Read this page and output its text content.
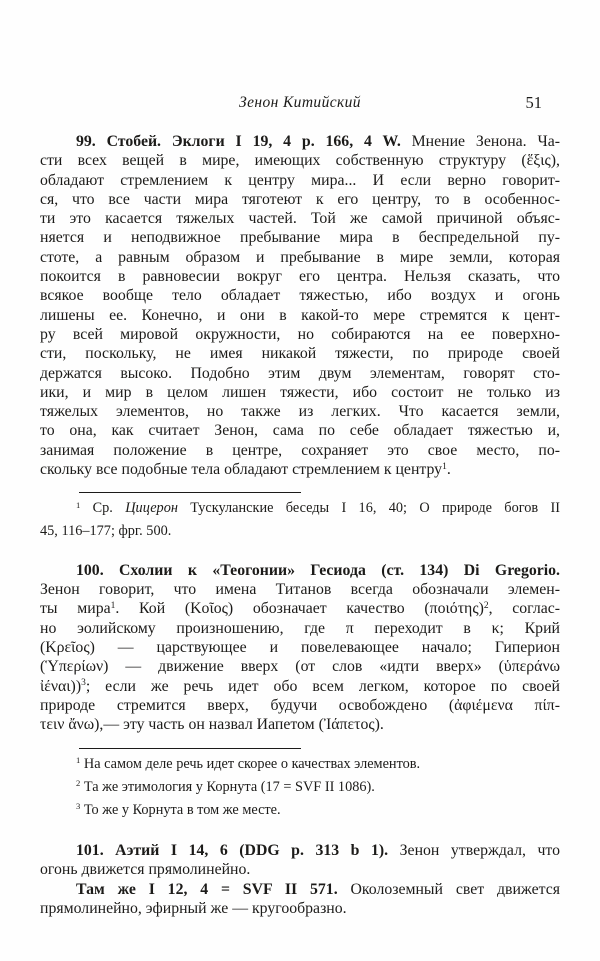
Зенон Китийский	51
99. Стобей. Эклоги I 19, 4 p. 166, 4 W. Мнение Зенона. Ча-
сти всех вещей в мире, имеющих собственную структуру (ἕξις),
обладают стремлением к центру мира... И если верно говорит-
ся, что все части мира тяготеют к его центру, то в особеннос-
ти это касается тяжелых частей. Той же самой причиной объяс-
няется и неподвижное пребывание мира в беспредельной пу-
стоте, а равным образом и пребывание в мире земли, которая
покоится в равновесии вокруг его центра. Нельзя сказать, что
всякое вообще тело обладает тяжестью, ибо воздух и огонь
лишены ее. Конечно, и они в какой-то мере стремятся к цент-
ру всей мировой окружности, но собираются на ее поверхно-
сти, поскольку, не имея никакой тяжести, по природе своей
держатся высоко. Подобно этим двум элементам, говорят сто-
ики, и мир в целом лишен тяжести, ибо состоит не только из
тяжелых элементов, но также из легких. Что касается земли,
то она, как считает Зенон, сама по себе обладает тяжестью и,
занимая положение в центре, сохраняет это свое место, по-
скольку все подобные тела обладают стремлением к центру$^1$.
$^1$ Ср. Цицерон Тускуланские беседы I 16, 40; О природе богов II
45, 116–177; фрг. 500.
100. Схолии к «Теогонии» Гесиода (ст. 134) Di Gregorio.
Зенон говорит, что имена Титанов всегда обозначали элемен-
ты мира$^1$. Кой (Κοῖος) обозначает качество $(\pi o\iota ό\tau\eta\varsigma)^2$, соглас-
но эолийскому произношению, где π переходит в κ; Крий
(Κρεῖος) — царствующее и повелевающее начало; Гиперион
(Ὑπερίων) — движение вверх (от слов «идти вверх» (ὑπεράνω
ἰέναι))$^3$; если же речь идет обо всем легком, которое по своей
природе стремится вверх, будучи освобождено (ἀφιέμενα πίπ-
τειν ἄνω),— эту часть он назвал Иапетом (Ἰάπετος).
$^1$ На самом деле речь идет скорее о качествах элементов.
$^2$ Та же этимология у Корнута (17 = SVF II 1086).
$^3$ То же у Корнута в том же месте.
101. Аэтий I 14, 6 (DDG p. 313 b 1). Зенон утверждал, что
огонь движется прямолинейно.
Там же I 12, 4 = SVF II 571. Околоземный свет движется
прямолинейно, эфирный же — кругообразно.
